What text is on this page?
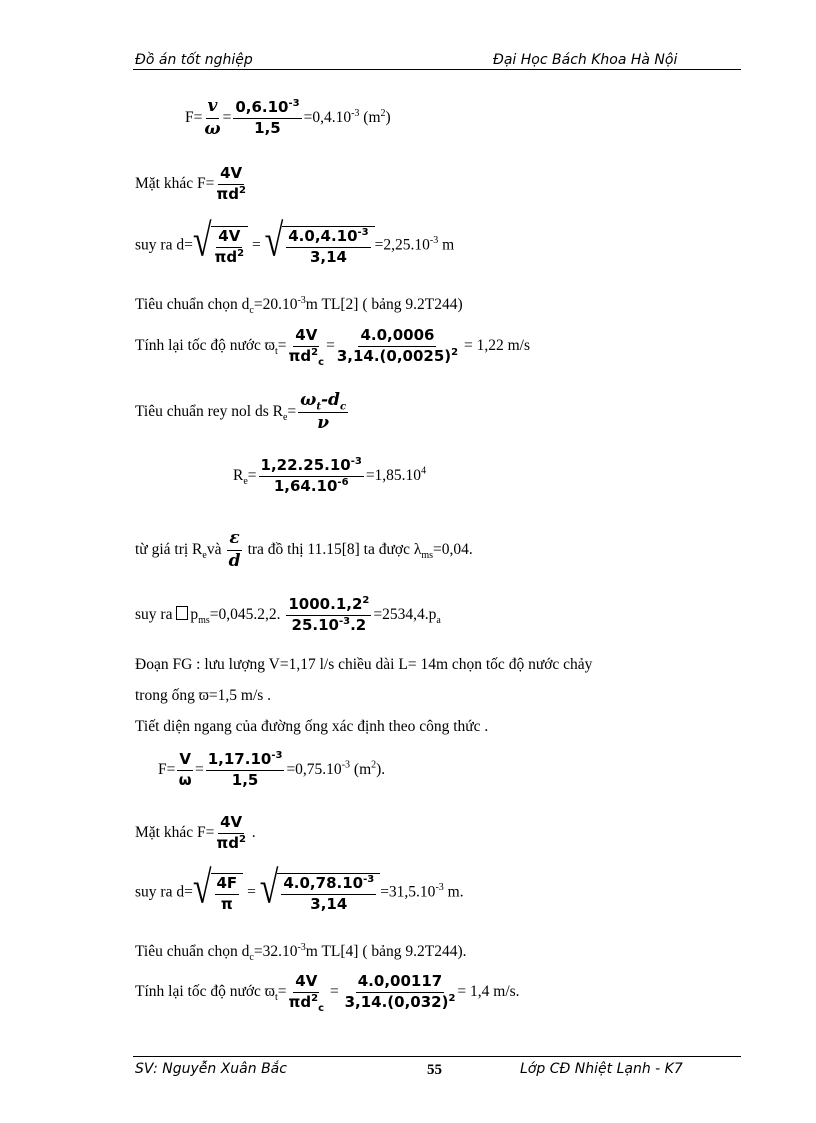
Đồ án tốt nghiệp	Đại Học Bách Khoa Hà Nội
$F= \frac{v}{\omega} = \frac{0,6.10^{-3}}{1,5} =0,4.10^{-3}$ $(m^2)$
Mặt khác $F= \frac{4V}{\pi d^2}$
suy ra d= √ $\frac{4V}{\pi d^2}$ = √ $\frac{4.0,4.10^{-3}}{3,14} =2,25.10^{-3}$ m
Tiêu chuẩn chọn $d_c=20.10^{-3}m$ TL[2] ( bảng 9.2T244)
Tính lại tốc độ nước $ϖ_t= \frac{4V}{\pi d^2_c} = \frac{4.0,0006}{3,14.(0,0025)^2} = 1,22$ m/s
Tiêu chuẩn rey nol ds $R_e= \frac{\omega_t-d_c}{\nu}$
$R_e= \frac{1,22.25.10^{-3}}{1,64.10^{-6}} =1,85.10^4$
từ giá trị $R_evà \frac{\varepsilon}{d}$ tra đồ thị 11.15[8] ta được $\lambda_{ms}=0,04$.
suy ra $p_{ms}=0,045.2,2$. $\frac{1000.1,2^2}{25.10^{-3}.2} =2534,4.p_a$
Đoạn FG : lưu lượng V=1,17 l/s chiều dài L= 14m chọn tốc độ nước chảy
trong ống ϖ=1,5 m/s .
Tiết diện ngang của đường ống xác định theo công thức .
$F= \frac{V}{\omega} = \frac{1,17.10^{-3}}{1,5} =0,75.10^{-3}$ $(m^2)$.
Mặt khác $F= \frac{4V}{\pi d^2}$ .
suy ra d= √ $\frac{4F}{\pi}$ = √ $\frac{4.0,78.10^{-3}}{3,14} =31,5.10^{-3}$ m.
Tiêu chuẩn chọn $d_c=32.10^{-3}m$ TL[4] ( bảng 9.2T244).
Tính lại tốc độ nước $ϖ_t= \frac{4V}{\pi d^2_c} = \frac{4.0,00117}{3,14.(0,032)^2} = 1,4$ m/s.
SV: Nguyễn Xuân Bắc	55	Lớp CĐ Nhiệt Lạnh - K7
